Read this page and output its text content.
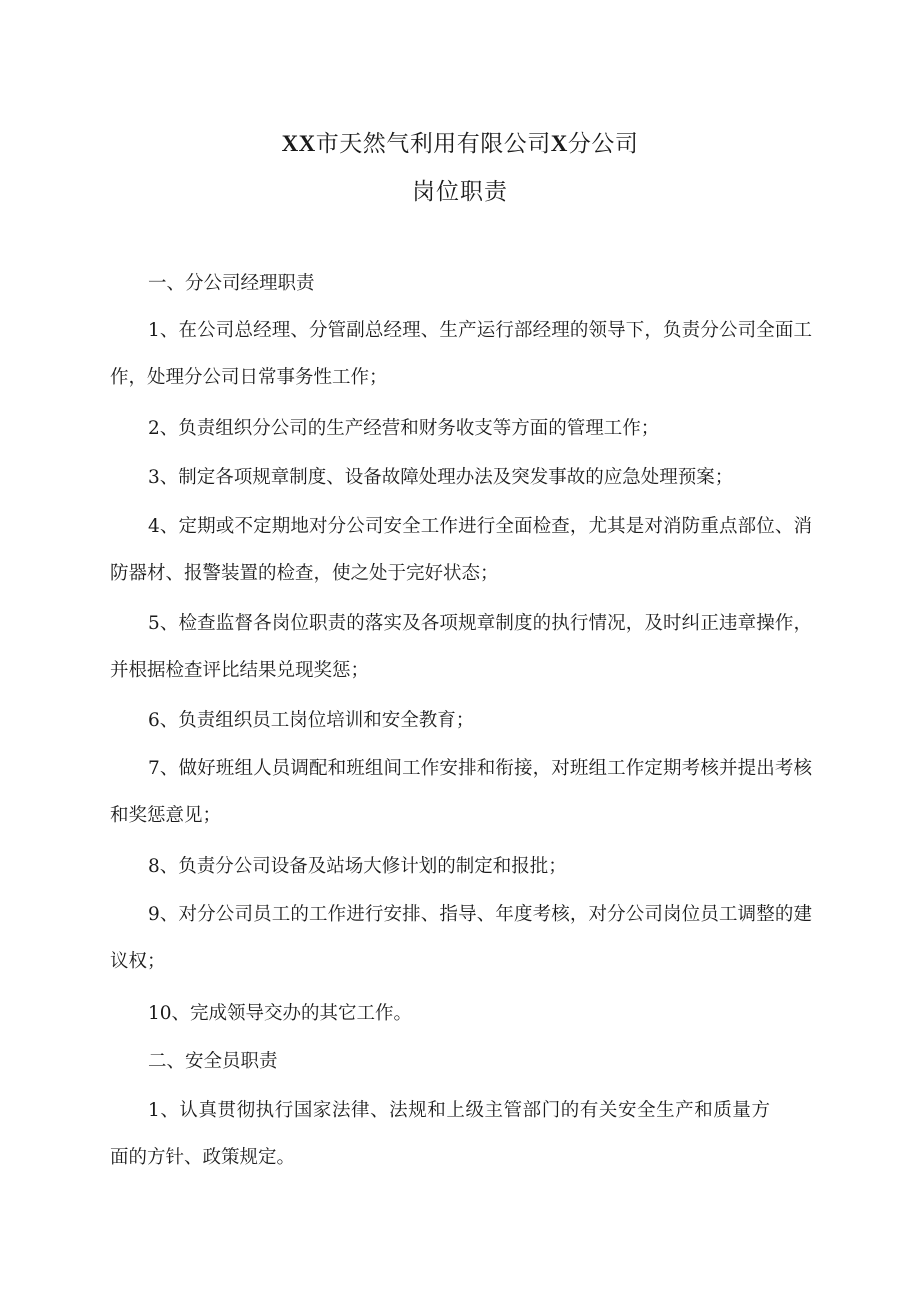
XX市天然气利用有限公司X分公司
岗位职责

一、分公司经理职责

1、在公司总经理、分管副总经理、生产运行部经理的领导下，负责分公司全面工作，处理分公司日常事务性工作；

2、负责组织分公司的生产经营和财务收支等方面的管理工作；

3、制定各项规章制度、设备故障处理办法及突发事故的应急处理预案；

4、定期或不定期地对分公司安全工作进行全面检查，尤其是对消防重点部位、消防器材、报警装置的检查，使之处于完好状态；

5、检查监督各岗位职责的落实及各项规章制度的执行情况，及时纠正违章操作，并根据检查评比结果兑现奖惩；

6、负责组织员工岗位培训和安全教育；

7、做好班组人员调配和班组间工作安排和衔接，对班组工作定期考核并提出考核和奖惩意见；

8、负责分公司设备及站场大修计划的制定和报批；

9、对分公司员工的工作进行安排、指导、年度考核，对分公司岗位员工调整的建议权；

10、完成领导交办的其它工作。

二、安全员职责

1、认真贯彻执行国家法律、法规和上级主管部门的有关安全生产和质量方面的方针、政策规定。
